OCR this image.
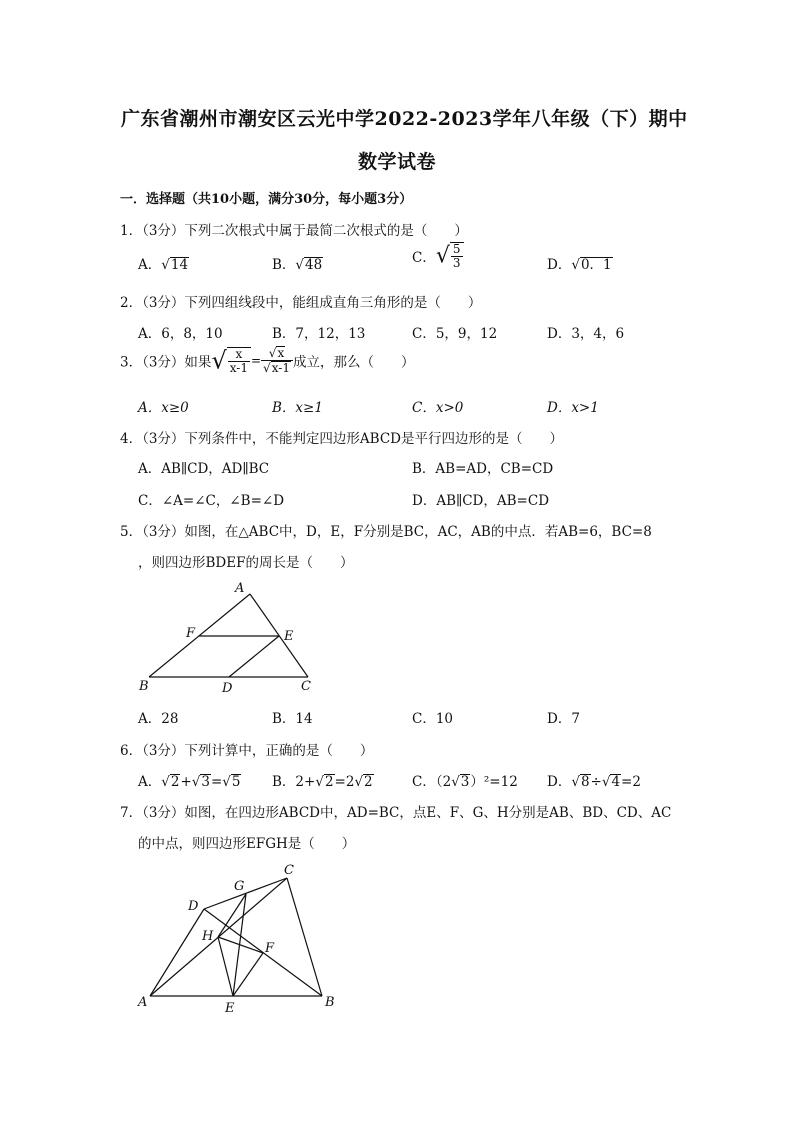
广东省潮州市潮安区云光中学2022-2023学年八年级（下）期中
数学试卷
一．选择题（共10小题，满分30分，每小题3分）
1．（3分）下列二次根式中属于最简二次根式的是（　　）
A．√14	B．√48	C．√ $\frac{5}{3}$	D．√0．1
2．（3分）下列四组线段中，能组成直角三角形的是（　　）
A．6，8，10	B．7，12，13	C．5，9，12	D．3，4，6
3．（3分）如果√ $\frac{x}{x-1} = \frac{√x}{√x-1}$ 成立，那么（　　）
A．x≥0	B．x≥1	C．x>0	D．x>1
4．（3分）下列条件中，不能判定四边形ABCD是平行四边形的是（　　）
A．AB∥CD，AD∥BC	B．AB=AD，CB=CD
C．∠A=∠C，∠B=∠D	D．AB∥CD，AB=CD
5．（3分）如图，在△ABC中，D，E，F分别是BC，AC，AB的中点．若AB=6，BC=8
，则四边形BDEF的周长是（　　）
A
F	E
B	D	C
A．28	B．14	C．10	D．7
6．（3分）下列计算中，正确的是（　　）
A．√2+√3=√5 B．2+√2=2√2	C．（2√3）²=12 D．√8÷√4=2
7．（3分）如图，在四边形ABCD中，AD=BC，点E、F、G、H分别是AB、BD、CD、AC
的中点，则四边形EFGH是（　　）
C
G
D
H
F
A	E	B
